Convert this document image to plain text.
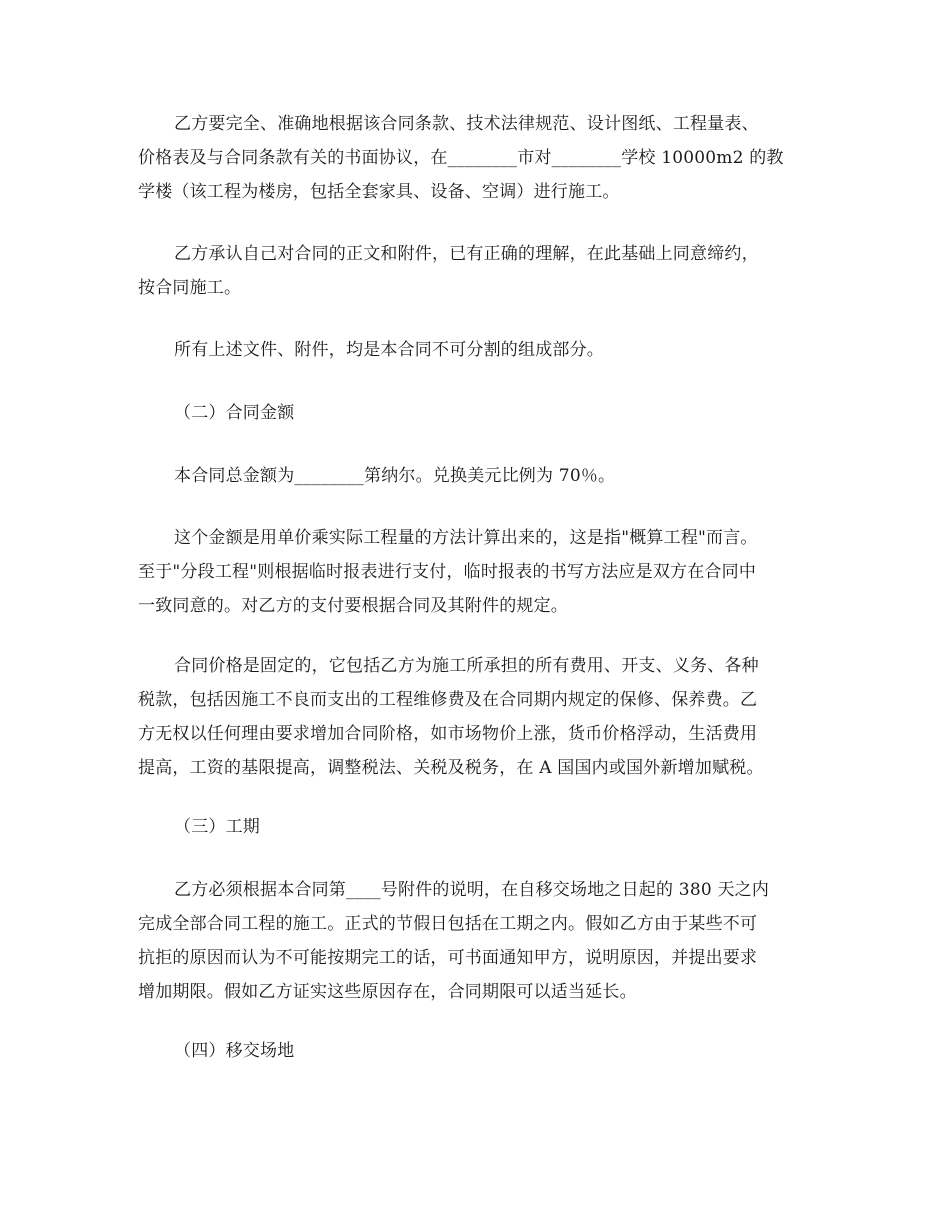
乙方要完全、准确地根据该合同条款、技术法律规范、设计图纸、工程量表、
价格表及与合同条款有关的书面协议，在________市对________学校 10000m2 的教
学楼（该工程为楼房，包括全套家具、设备、空调）进行施工。

乙方承认自己对合同的正文和附件，已有正确的理解，在此基础上同意缔约，
按合同施工。

所有上述文件、附件，均是本合同不可分割的组成部分。

（二）合同金额

本合同总金额为________第纳尔。兑换美元比例为 70％。

这个金额是用单价乘实际工程量的方法计算出来的，这是指"概算工程"而言。
至于"分段工程"则根据临时报表进行支付，临时报表的书写方法应是双方在合同中
一致同意的。对乙方的支付要根据合同及其附件的规定。

合同价格是固定的，它包括乙方为施工所承担的所有费用、开支、义务、各种
税款，包括因施工不良而支出的工程维修费及在合同期内规定的保修、保养费。乙
方无权以任何理由要求增加合同阶格，如市场物价上涨，货币价格浮动，生活费用
提高，工资的基限提高，调整税法、关税及税务，在 A 国国内或国外新增加赋税。

（三）工期

乙方必须根据本合同第____号附件的说明，在自移交场地之日起的 380 天之内
完成全部合同工程的施工。正式的节假日包括在工期之内。假如乙方由于某些不可
抗拒的原因而认为不可能按期完工的话，可书面通知甲方，说明原因，并提出要求
增加期限。假如乙方证实这些原因存在，合同期限可以适当延长。

（四）移交场地
